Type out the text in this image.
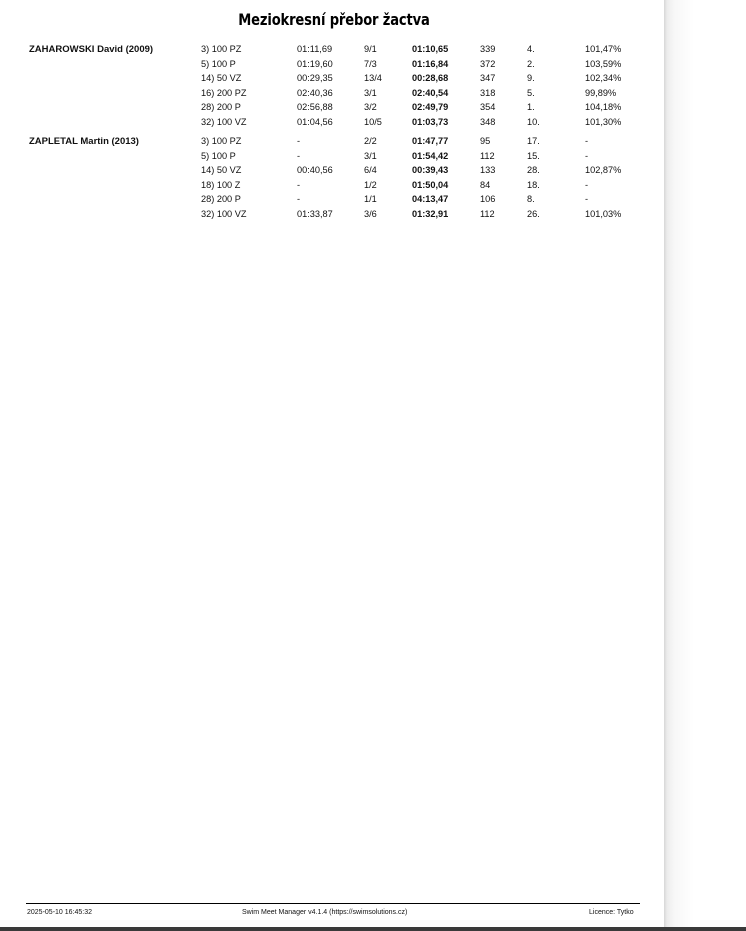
Meziokresní přebor žactva
ZAHAROWSKI David (2009)	3) 100 PZ	01:11,69	9/1	01:10,65	339	4.	101,47%
5) 100 P	01:19,60	7/3	01:16,84	372	2.	103,59%
14) 50 VZ	00:29,35	13/4	00:28,68	347	9.	102,34%
16) 200 PZ	02:40,36	3/1	02:40,54	318	5.	99,89%
28) 200 P	02:56,88	3/2	02:49,79	354	1.	104,18%
32) 100 VZ	01:04,56	10/5	01:03,73	348	10.	101,30%
ZAPLETAL Martin (2013)	3) 100 PZ	-	2/2	01:47,77	95	17.	-
5) 100 P	-	3/1	01:54,42	112	15.	-
14) 50 VZ	00:40,56	6/4	00:39,43	133	28.	102,87%
18) 100 Z	-	1/2	01:50,04	84	18.	-
28) 200 P	-	1/1	04:13,47	106	8.	-
32) 100 VZ	01:33,87	3/6	01:32,91	112	26.	101,03%
2025-05-10 16:45:32	Swim Meet Manager v4.1.4 (https://swimsolutions.cz)	Licence: Tytko
